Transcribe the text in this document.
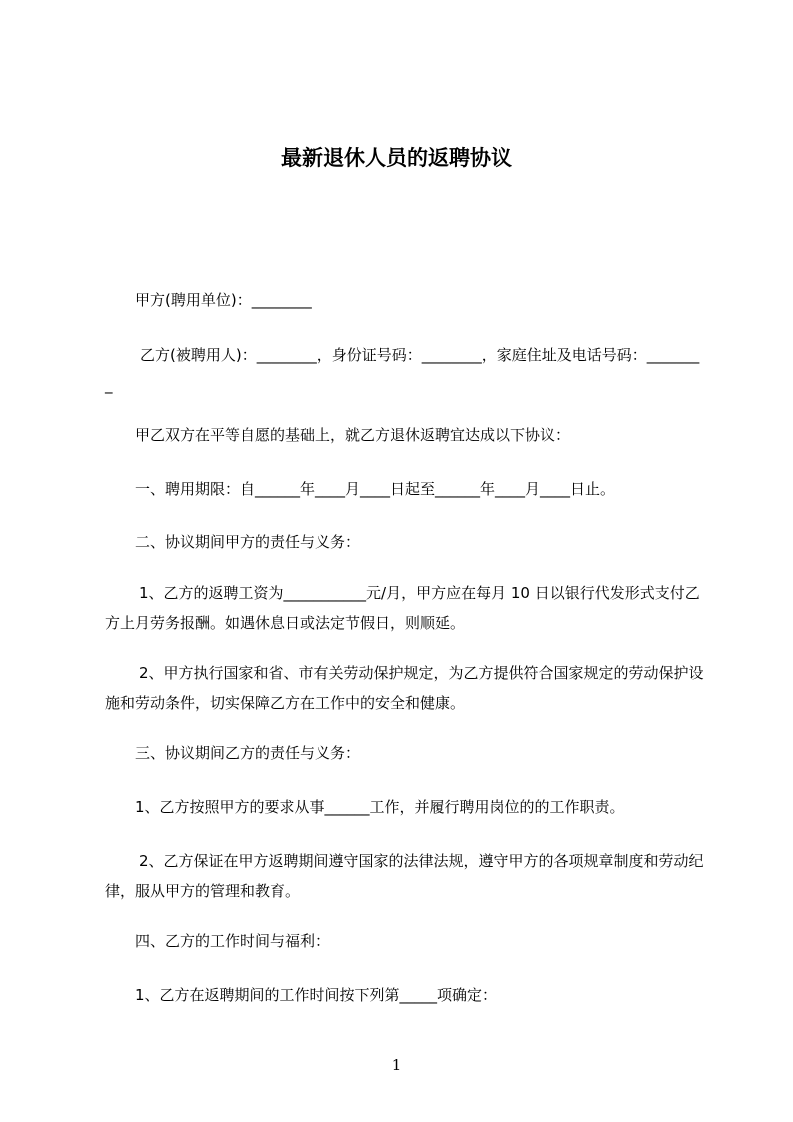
最新退休人员的返聘协议
甲方(聘用单位)：________
乙方(被聘用人)：________，身份证号码：________，家庭住址及电话号码：________
甲乙双方在平等自愿的基础上，就乙方退休返聘宜达成以下协议：
一、聘用期限：自______年____月____日起至______年____月____日止。
二、协议期间甲方的责任与义务：
1、乙方的返聘工资为___________元/月，甲方应在每月 10 日以银行代发形式支付乙方上月劳务报酬。如遇休息日或法定节假日，则顺延。
2、甲方执行国家和省、市有关劳动保护规定，为乙方提供符合国家规定的劳动保护设施和劳动条件，切实保障乙方在工作中的安全和健康。
三、协议期间乙方的责任与义务：
1、乙方按照甲方的要求从事______工作，并履行聘用岗位的的工作职责。
2、乙方保证在甲方返聘期间遵守国家的法律法规，遵守甲方的各项规章制度和劳动纪律，服从甲方的管理和教育。
四、乙方的工作时间与福利：
1、乙方在返聘期间的工作时间按下列第_____项确定：
1
